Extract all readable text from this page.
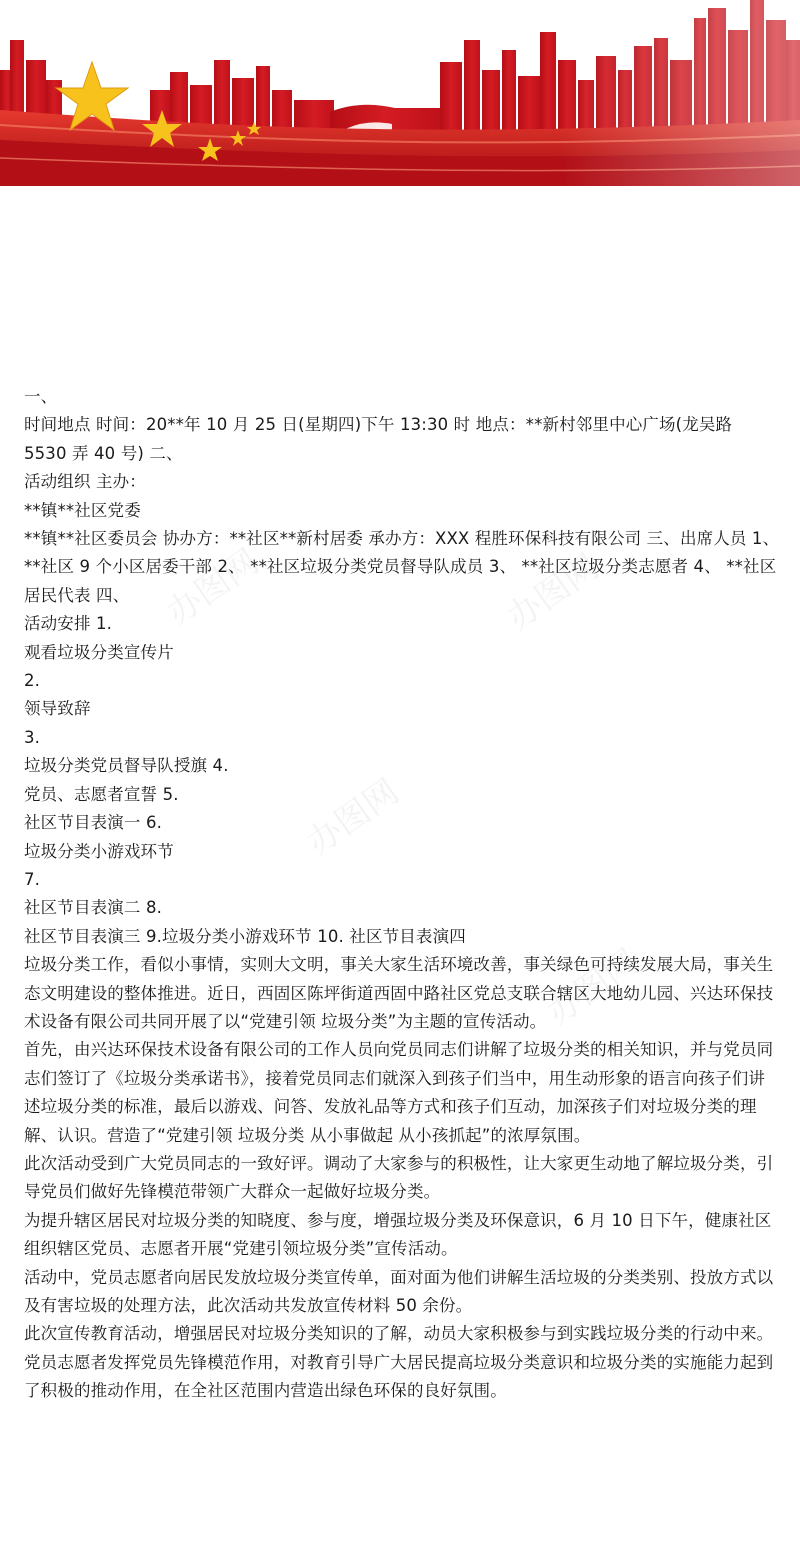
办图网	办图网
办图网
办图网

一、

时间地点 时间：20**年 10 月 25 日(星期四)下午 13:30 时 地点：**新村邻里中心广场(龙吴路 5530 弄 40 号) 二、

活动组织 主办：

**镇**社区党委

**镇**社区委员会 协办方：**社区**新村居委 承办方：XXX 程胜环保科技有限公司 三、出席人员 1、 **社区 9 个小区居委干部 2、 **社区垃圾分类党员督导队成员 3、 **社区垃圾分类志愿者 4、 **社区居民代表 四、

活动安排 1.

观看垃圾分类宣传片

2.

领导致辞

3.

垃圾分类党员督导队授旗 4.

党员、志愿者宣誓 5.

社区节目表演一 6.

垃圾分类小游戏环节

7.

社区节目表演二 8.

社区节目表演三 9.垃圾分类小游戏环节 10. 社区节目表演四

垃圾分类工作，看似小事情，实则大文明，事关大家生活环境改善，事关绿色可持续发展大局，事关生态文明建设的整体推进。近日，西固区陈坪街道西固中路社区党总支联合辖区大地幼儿园、兴达环保技术设备有限公司共同开展了以“党建引领 垃圾分类”为主题的宣传活动。

首先，由兴达环保技术设备有限公司的工作人员向党员同志们讲解了垃圾分类的相关知识，并与党员同志们签订了《垃圾分类承诺书》，接着党员同志们就深入到孩子们当中，用生动形象的语言向孩子们讲述垃圾分类的标准，最后以游戏、问答、发放礼品等方式和孩子们互动，加深孩子们对垃圾分类的理解、认识。营造了“党建引领 垃圾分类 从小事做起 从小孩抓起”的浓厚氛围。

此次活动受到广大党员同志的一致好评。调动了大家参与的积极性，让大家更生动地了解垃圾分类，引导党员们做好先锋模范带领广大群众一起做好垃圾分类。

为提升辖区居民对垃圾分类的知晓度、参与度，增强垃圾分类及环保意识，6 月 10 日下午，健康社区组织辖区党员、志愿者开展“党建引领垃圾分类”宣传活动。

活动中，党员志愿者向居民发放垃圾分类宣传单，面对面为他们讲解生活垃圾的分类类别、投放方式以及有害垃圾的处理方法，此次活动共发放宣传材料 50 余份。

此次宣传教育活动，增强居民对垃圾分类知识的了解，动员大家积极参与到实践垃圾分类的行动中来。党员志愿者发挥党员先锋模范作用，对教育引导广大居民提高垃圾分类意识和垃圾分类的实施能力起到了积极的推动作用，在全社区范围内营造出绿色环保的良好氛围。
